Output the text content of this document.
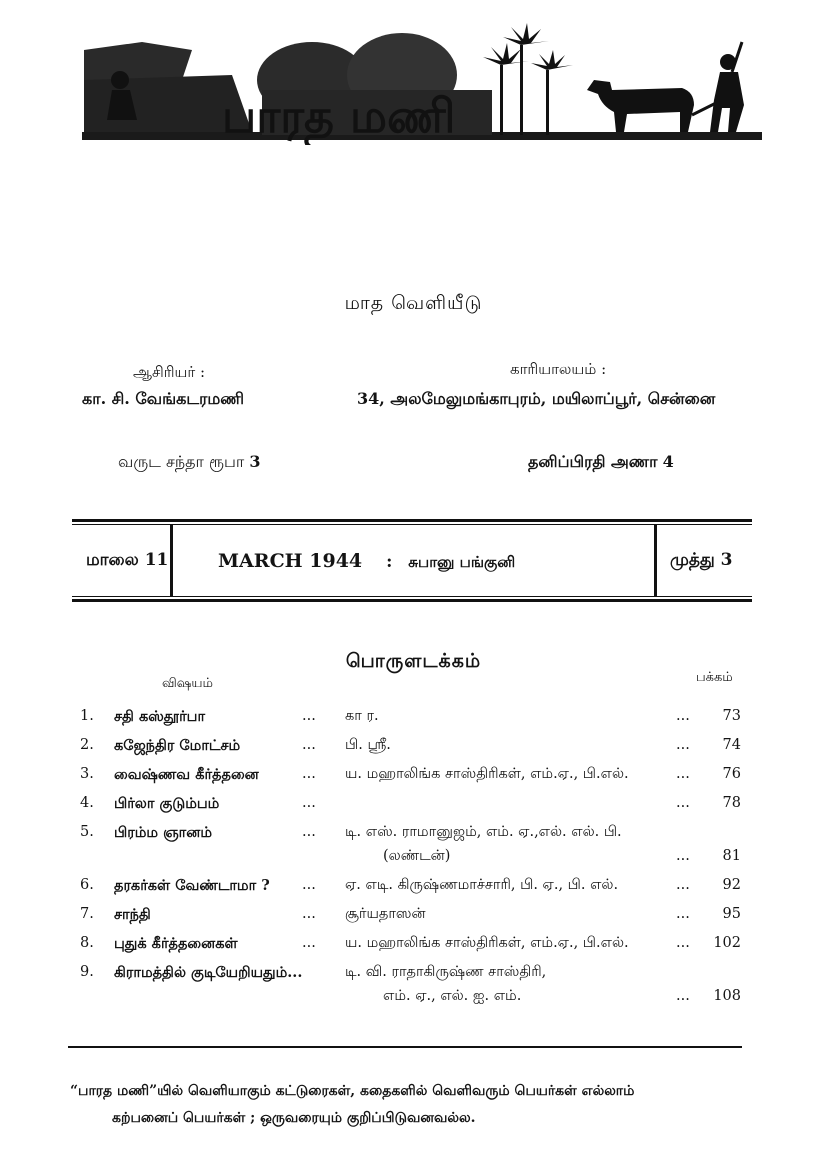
பாரத மணி
மாத வெளியீடு
ஆசிரியர் :
கா. சி. வேங்கடரமணி
காரியாலயம் :
34, அலமேலுமங்காபுரம், மயிலாப்பூர், சென்னை
வருட சந்தா ரூபா 3	தனிப்பிரதி அணா 4
மாலை 11	MARCH 1944 : சுபானு பங்குனி	முத்து 3
பொருளடக்கம்
விஷயம்	பக்கம்
1.	சதி கஸ்தூர்பா	... கா ர.	... 73
2.	கஜேந்திர மோட்சம்	... பி. ஸ்ரீ.	... 74
3.	வைஷ்ணவ கீர்த்தனை	... ய. மஹாலிங்க சாஸ்திரிகள், எம்.ஏ., பி.எல்.	... 76
4.	பிர்லா குடும்பம்	...	... 78
5.	பிரம்ம ஞானம்	... டி. எஸ். ராமானுஜம், எம். ஏ.,எல். எல். பி.
(லண்டன்)	... 81
6.	தரகர்கள் வேண்டாமா ? ... ஏ. எடி. கிருஷ்ணமாச்சாரி, பி. ஏ., பி. எல்.	... 92
7.	சாந்தி	... சூர்யதாஸன்	... 95
8.	புதுக் கீர்த்தனைகள்	... ய. மஹாலிங்க சாஸ்திரிகள், எம்.ஏ., பி.எல்.	... 102
9.	கிராமத்தில் குடியேறியதும்...	டி. வி. ராதாகிருஷ்ண சாஸ்திரி,
எம். ஏ., எல். ஐ. எம்.	... 108
“பாரத மணி”யில் வெளியாகும் கட்டுரைகள், கதைகளில் வெளிவரும் பெயர்கள் எல்லாம்
கற்பனைப் பெயர்கள் ; ஒருவரையும் குறிப்பிடுவனவல்ல.
